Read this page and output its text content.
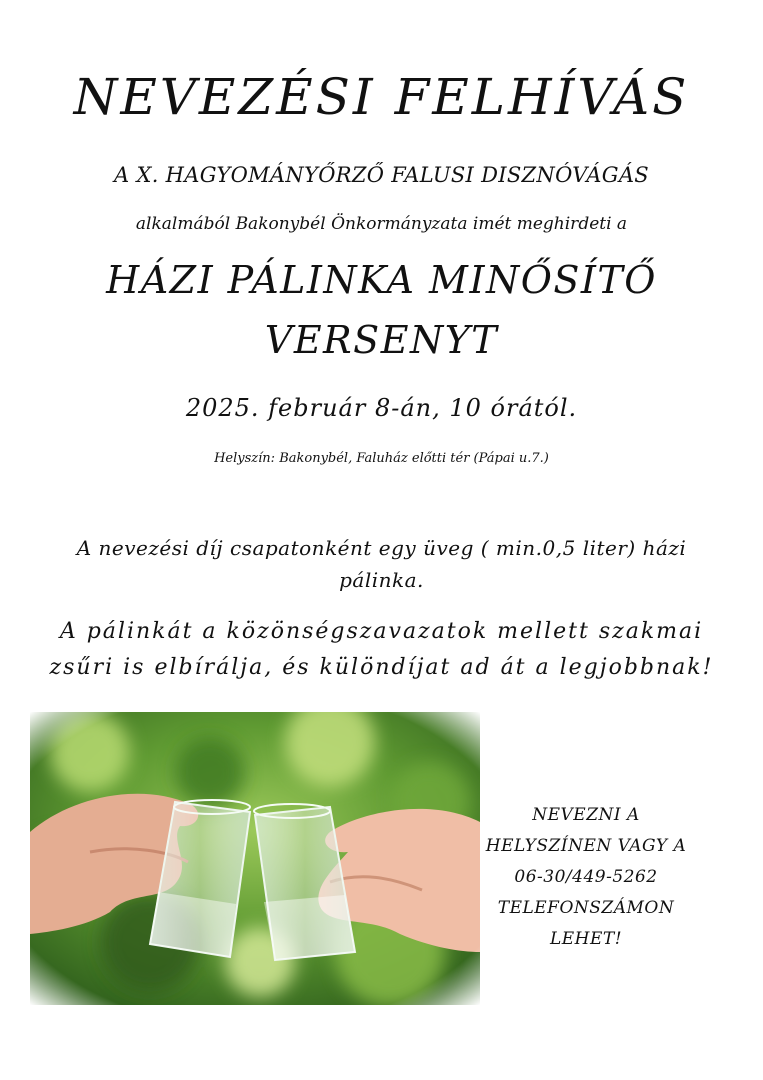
NEVEZÉSI FELHÍVÁS
A X. HAGYOMÁNYŐRZŐ FALUSI DISZNÓVÁGÁS
alkalmából Bakonybél Önkormányzata imét meghirdeti a
HÁZI PÁLINKA MINŐSÍTŐ
VERSENYT
2025. február 8-án, 10 órától.
Helyszín: Bakonybél, Faluház előtti tér (Pápai u.7.)
A nevezési díj csapatonként egy üveg ( min.0,5 liter) házi pálinka.
A pálinkát a közönségszavazatok mellett szakmai zsűri is elbírálja, és különdíjat ad át a legjobbnak!
NEVEZNI A
HELYSZÍNEN VAGY A
06-30/449-5262
TELEFONSZÁMON
LEHET!
